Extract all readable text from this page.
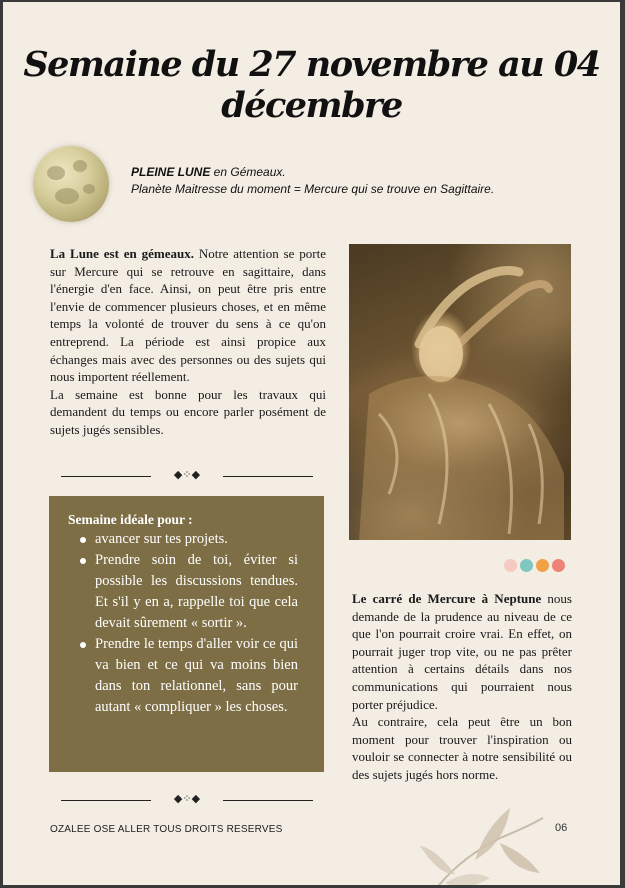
Semaine du 27 novembre au 04 décembre
PLEINE LUNE en Gémeaux.
Planète Maitresse du moment = Mercure qui se trouve en Sagittaire.

La Lune est en gémeaux. Notre attention se porte sur Mercure qui se retrouve en sagittaire, dans l'énergie d'en face. Ainsi, on peut être pris entre l'envie de commencer plusieurs choses, et en même temps la volonté de trouver du sens à ce qu'on entreprend. La période est ainsi propice aux échanges mais avec des personnes ou des sujets qui nous importent réellement.

La semaine est bonne pour les travaux qui demandent du temps ou encore parler posément de sujets jugés sensibles.

◆⁘◆
Semaine idéale pour :
avancer sur tes projets.
Prendre soin de toi, éviter si possible les discussions tendues. Et s'il y en a, rappelle toi que cela devait sûrement « sortir ».
Prendre le temps d'aller voir ce qui va bien et ce qui va moins bien dans ton relationnel, sans pour autant « compliquer » les choses.
◆⁘◆

Le carré de Mercure à Neptune nous demande de la prudence au niveau de ce que l'on pourrait croire vrai. En effet, on pourrait juger trop vite, ou ne pas prêter attention à certains détails dans nos communications qui pourraient nous porter préjudice.

Au contraire, cela peut être un bon moment pour trouver l'inspiration ou vouloir se connecter à notre sensibilité ou des sujets jugés hors norme.

OZALEE OSE ALLER TOUS DROITS RESERVES	06
